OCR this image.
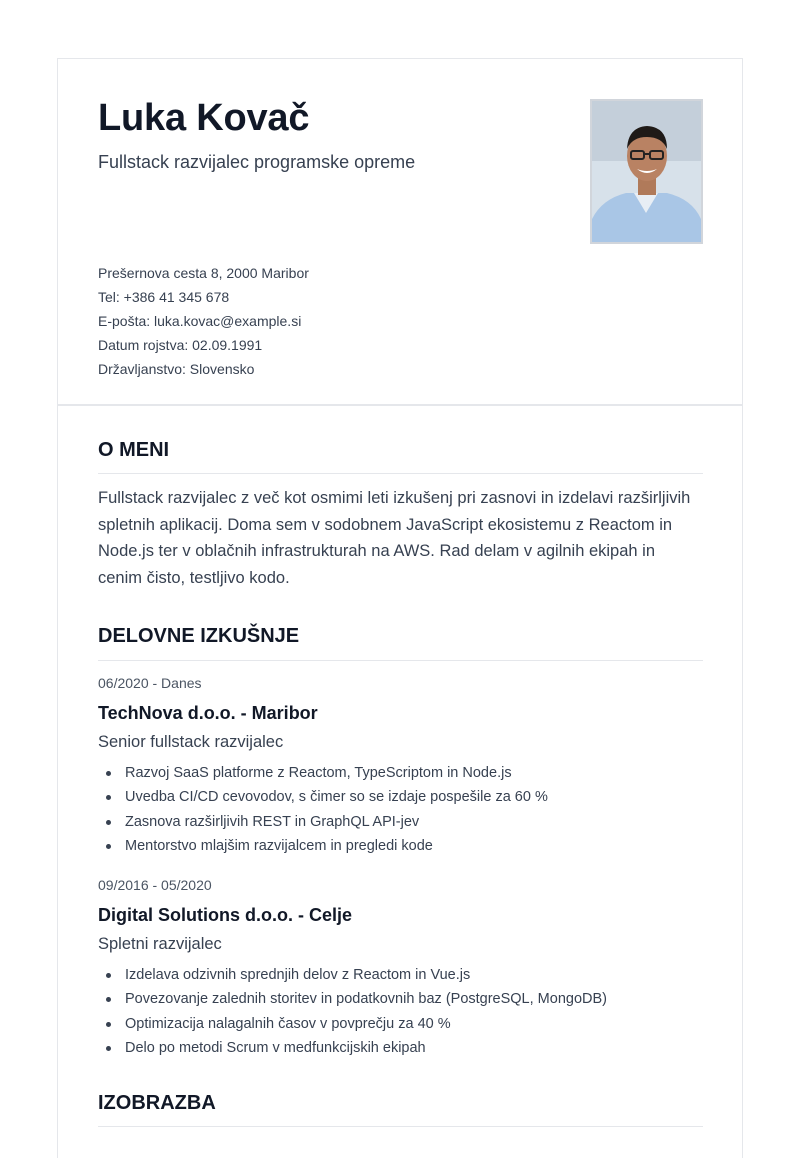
Luka Kovač
Fullstack razvijalec programske opreme
Prešernova cesta 8, 2000 Maribor
Tel: +386 41 345 678
E-pošta: luka.kovac@example.si
Datum rojstva: 02.09.1991
Državljanstvo: Slovensko
O MENI

Fullstack razvijalec z več kot osmimi leti izkušenj pri zasnovi in izdelavi razširljivih spletnih aplikacij. Doma sem v sodobnem JavaScript ekosistemu z Reactom in Node.js ter v oblačnih infrastrukturah na AWS. Rad delam v agilnih ekipah in cenim čisto, testljivo kodo.

DELOVNE IZKUŠNJE
06/2020 - Danes
TechNova d.o.o. - Maribor
Senior fullstack razvijalec
Razvoj SaaS platforme z Reactom, TypeScriptom in Node.js
Uvedba CI/CD cevovodov, s čimer so se izdaje pospešile za 60 %
Zasnova razširljivih REST in GraphQL API-jev
Mentorstvo mlajšim razvijalcem in pregledi kode
09/2016 - 05/2020
Digital Solutions d.o.o. - Celje
Spletni razvijalec
Izdelava odzivnih sprednjih delov z Reactom in Vue.js
Povezovanje zalednih storitev in podatkovnih baz (PostgreSQL, MongoDB)
Optimizacija nalagalnih časov v povprečju za 40 %
Delo po metodi Scrum v medfunkcijskih ekipah
IZOBRAZBA
